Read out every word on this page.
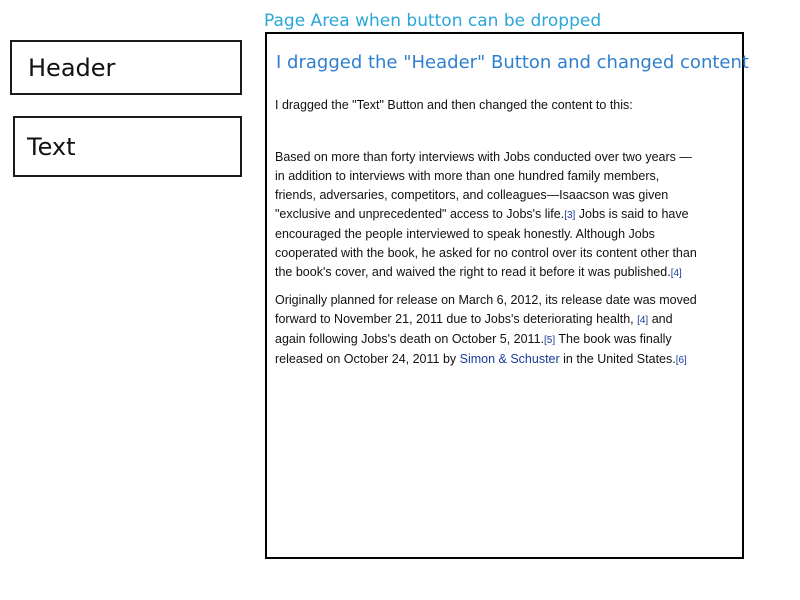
Header
Text
Page Area when button can be dropped
I dragged the "Header" Button and changed content

I dragged the "Text" Button and then changed the content to this:

Based on more than forty interviews with Jobs conducted over two years —in addition to interviews with more than one hundred family members, friends, adversaries, competitors, and colleagues—Isaacson was given "exclusive and unprecedented" access to Jobs's life.[3] Jobs is said to have encouraged the people interviewed to speak honestly. Although Jobs cooperated with the book, he asked for no control over its content other than the book's cover, and waived the right to read it before it was published.[4]

Originally planned for release on March 6, 2012, its release date was moved forward to November 21, 2011 due to Jobs's deteriorating health, [4] and again following Jobs's death on October 5, 2011.[5] The book was finally released on October 24, 2011 by Simon & Schuster in the United States.[6]
